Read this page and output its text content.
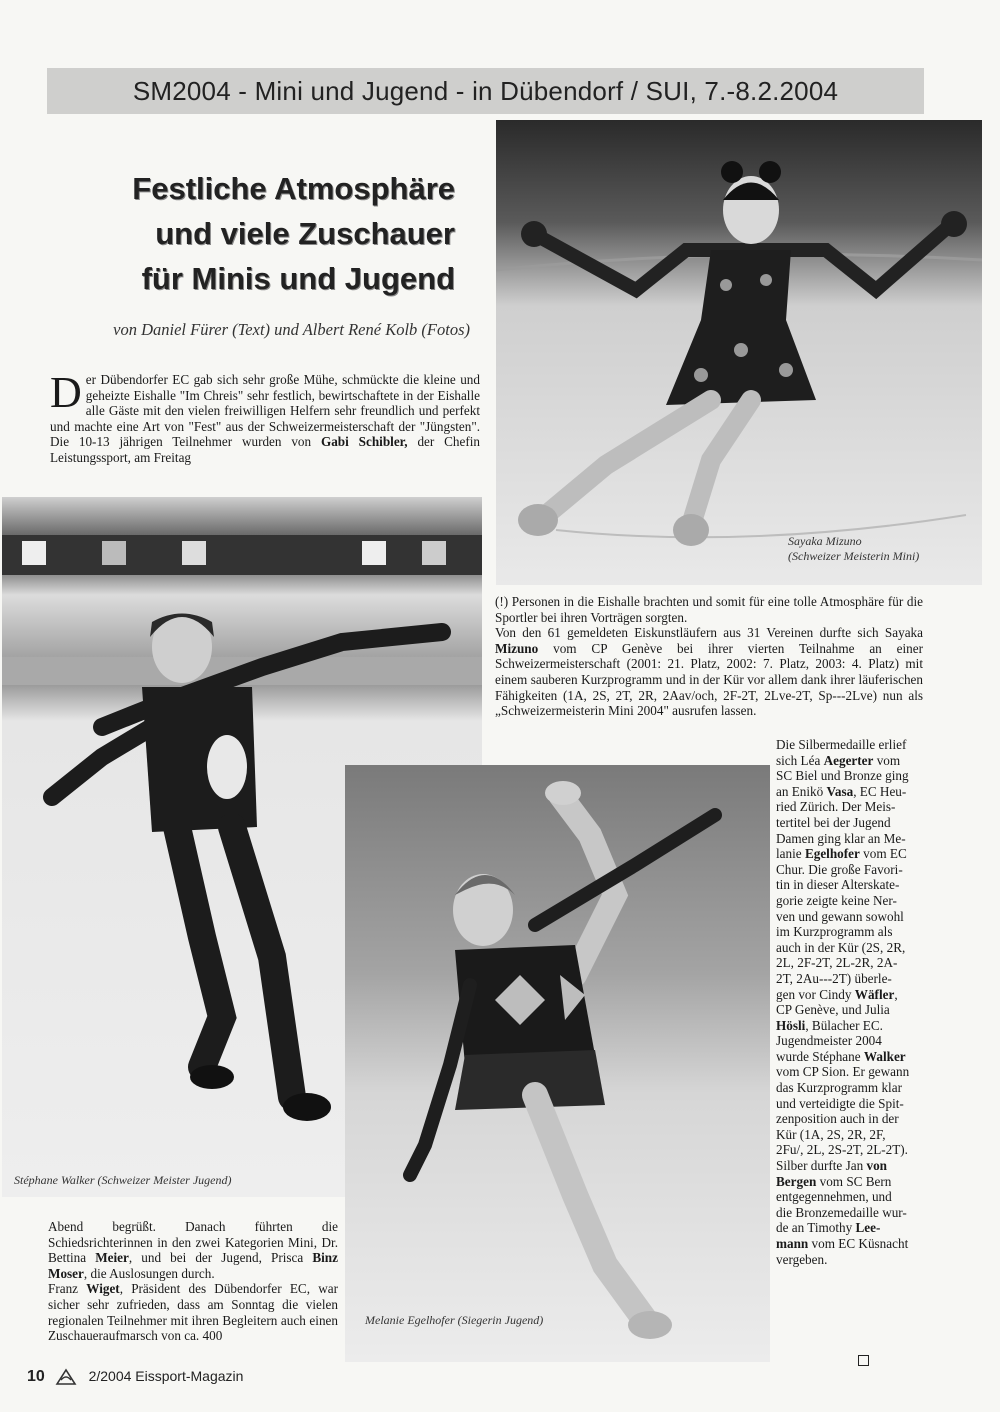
SM2004 - Mini und Jugend - in Dübendorf / SUI, 7.-8.2.2004
Festliche Atmosphäre
und viele Zuschauer
für Minis und Jugend
von Daniel Fürer (Text) und Albert René Kolb (Fotos)
Der Dübendorfer EC gab sich sehr große Mühe, schmückte die kleine und geheizte Eishalle "Im Chreis" sehr festlich, bewirtschaftete in der Eishalle alle Gäste mit den vielen freiwilligen Helfern sehr freundlich und perfekt und machte eine Art von "Fest" aus der Schweizermeisterschaft der "Jüngsten". Die 10-13 jährigen Teilnehmer wurden von Gabi Schibler, der Chefin Leistungssport, am Freitag
Sayaka Mizuno
(Schweizer Meisterin Mini)
Stéphane Walker (Schweizer Meister Jugend)

(!) Personen in die Eishalle brachten und somit für eine tolle Atmosphäre für die Sportler bei ihren Vorträgen sorgten.

Von den 61 gemeldeten Eiskunstläufern aus 31 Vereinen durfte sich Sayaka Mizuno vom CP Genève bei ihrer vierten Teilnahme an einer Schweizermeisterschaft (2001: 21. Platz, 2002: 7. Platz, 2003: 4. Platz) mit einem sauberen Kurzprogramm und in der Kür vor allem dank ihrer läuferischen Fähigkeiten (1A, 2S, 2T, 2R, 2Aav/och, 2F-2T, 2Lve-2T, Sp---2Lve) nun als „Schweizermeisterin Mini 2004" ausrufen lassen.

Melanie Egelhofer (Siegerin Jugend)
Die Silbermedaille erlief
sich Léa Aegerter vom
SC Biel und Bronze ging
an Enikö Vasa, EC Heu-
ried Zürich. Der Meis-
tertitel bei der Jugend
Damen ging klar an Me-
lanie Egelhofer vom EC
Chur. Die große Favori-
tin in dieser Alterskate-
gorie zeigte keine Ner-
ven und gewann sowohl
im Kurzprogramm als
auch in der Kür (2S, 2R,
2L, 2F-2T, 2L-2R, 2A-
2T, 2Au---2T) überle-
gen vor Cindy Wäfler,
CP Genève, und Julia
Hösli, Bülacher EC.
Jugendmeister 2004
wurde Stéphane Walker
vom CP Sion. Er gewann
das Kurzprogramm klar
und verteidigte die Spit-
zenposition auch in der
Kür (1A, 2S, 2R, 2F,
2Fu/, 2L, 2S-2T, 2L-2T).
Silber durfte Jan von
Bergen vom SC Bern
entgegennehmen, und
die Bronzemedaille wur-
de an Timothy Lee-
mann vom EC Küsnacht
vergeben.

Abend begrüßt. Danach führten die Schiedsrichterinnen in den zwei Kategorien Mini, Dr. Bettina Meier, und bei der Jugend, Prisca Binz Moser, die Auslosungen durch.

Franz Wiget, Präsident des Dübendorfer EC, war sicher sehr zufrieden, dass am Sonntag die vielen regionalen Teilnehmer mit ihren Begleitern auch einen Zuschaueraufmarsch von ca. 400

10	2/2004 Eissport-Magazin
